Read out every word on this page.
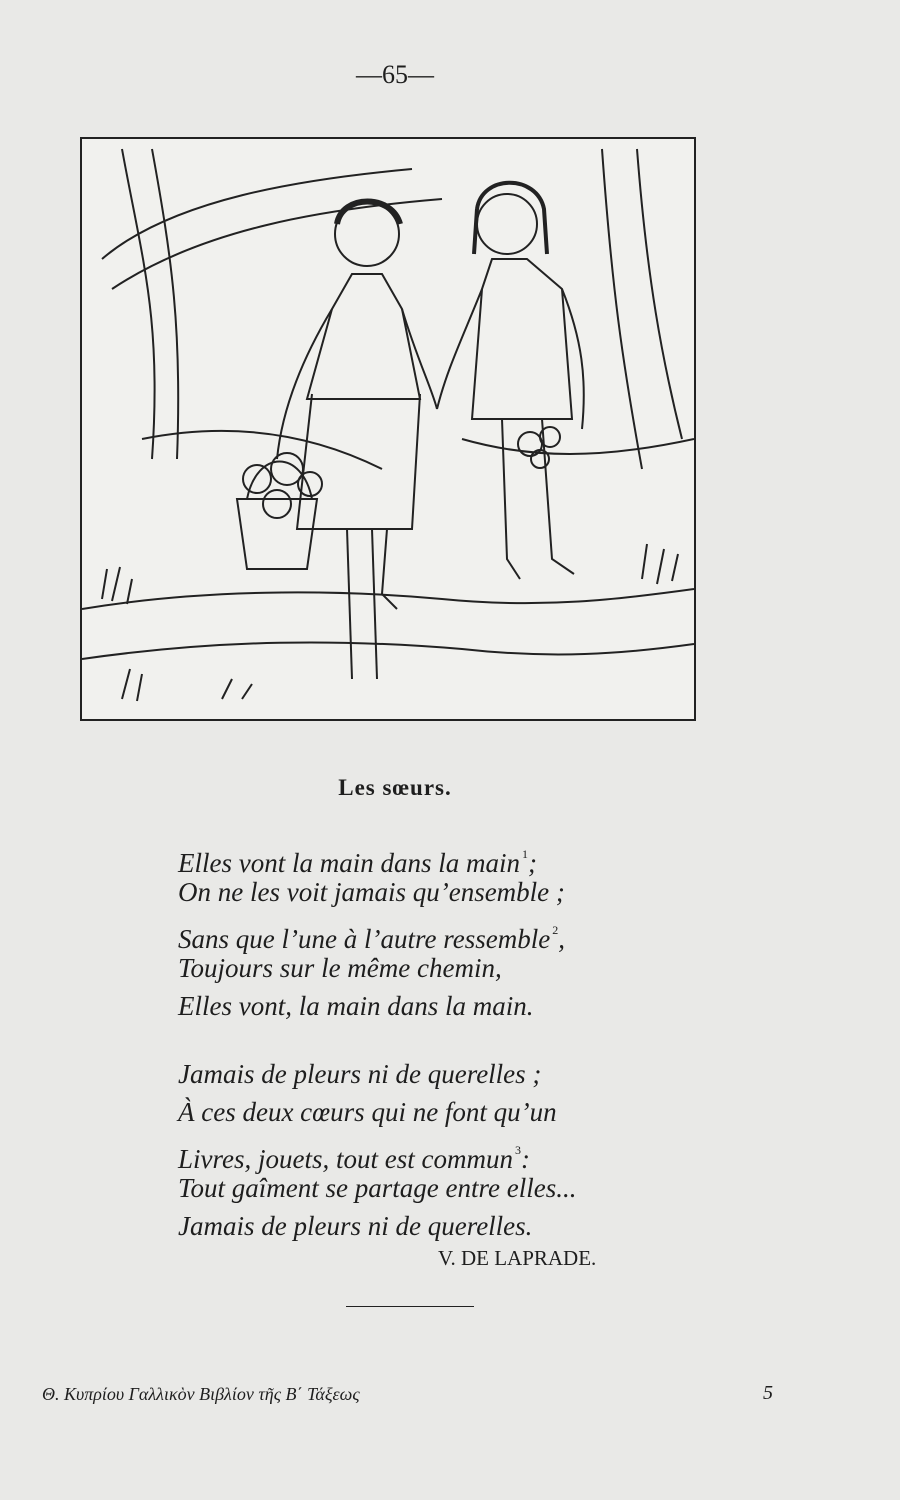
—65—
Les sœurs.
Elles vont la main dans la main $^1$;
On ne les voit jamais qu’ensemble ;
Sans que l’une à l’autre ressemble $^2$,
Toujours sur le même chemin,
Elles vont, la main dans la main.
Jamais de pleurs ni de querelles ;
À ces deux cœurs qui ne font qu’un
Livres, jouets, tout est commun $^3$:
Tout gaîment se partage entre elles...
Jamais de pleurs ni de querelles.
V. DE LAPRADE.
Θ. Κυπρίου Γαλλικὸν Βιβλίον τῆς Β΄ Τάξεως	5
